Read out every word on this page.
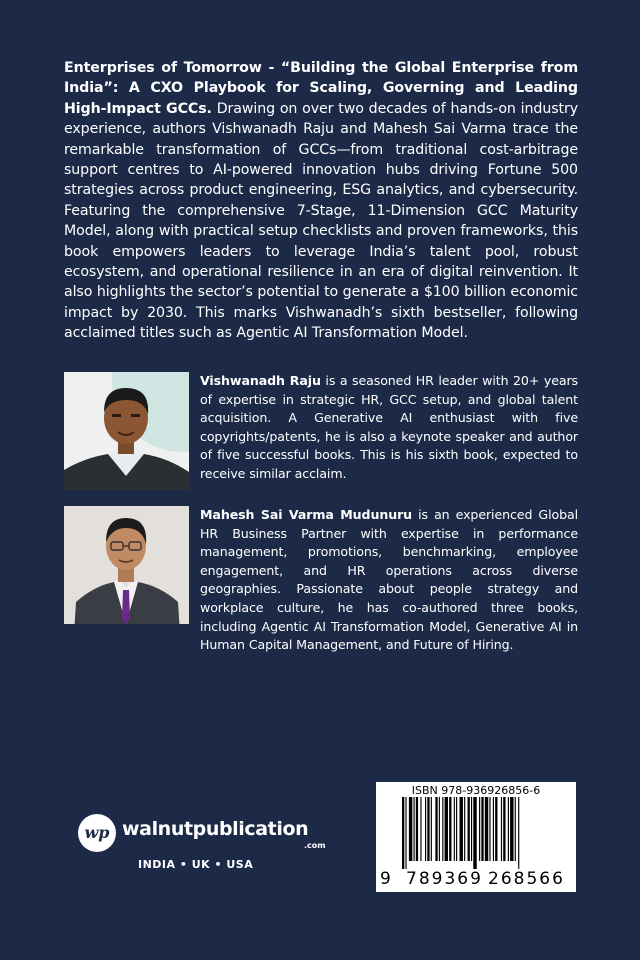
Enterprises of Tomorrow - “Building the Global Enterprise from India”: A CXO Playbook for Scaling, Governing and Leading High-Impact GCCs. Drawing on over two decades of hands-on industry experience, authors Vishwanadh Raju and Mahesh Sai Varma trace the remarkable transformation of GCCs—from traditional cost-arbitrage support centres to AI-powered innovation hubs driving Fortune 500 strategies across product engineering, ESG analytics, and cybersecurity. Featuring the comprehensive 7-Stage, 11-Dimension GCC Maturity Model, along with practical setup checklists and proven frameworks, this book empowers leaders to leverage India’s talent pool, robust ecosystem, and operational resilience in an era of digital reinvention. It also highlights the sector’s potential to generate a $100 billion economic impact by 2030. This marks Vishwanadh’s sixth bestseller, following acclaimed titles such as Agentic AI Transformation Model.
Vishwanadh Raju is a seasoned HR leader with 20+ years of expertise in strategic HR, GCC setup, and global talent acquisition. A Generative AI enthusiast with five copyrights/patents, he is also a keynote speaker and author of five successful books. This is his sixth book, expected to receive similar acclaim.
Mahesh Sai Varma Mudunuru is an experienced Global HR Business Partner with expertise in performance management, promotions, benchmarking, employee engagement, and HR operations across diverse geographies. Passionate about people strategy and workplace culture, he has co-authored three books, including Agentic AI Transformation Model, Generative AI in Human Capital Management, and Future of Hiring.
wp walnutpublication
.com
INDIA • UK • USA
ISBN 978-936926856-6
9 789369 268566
